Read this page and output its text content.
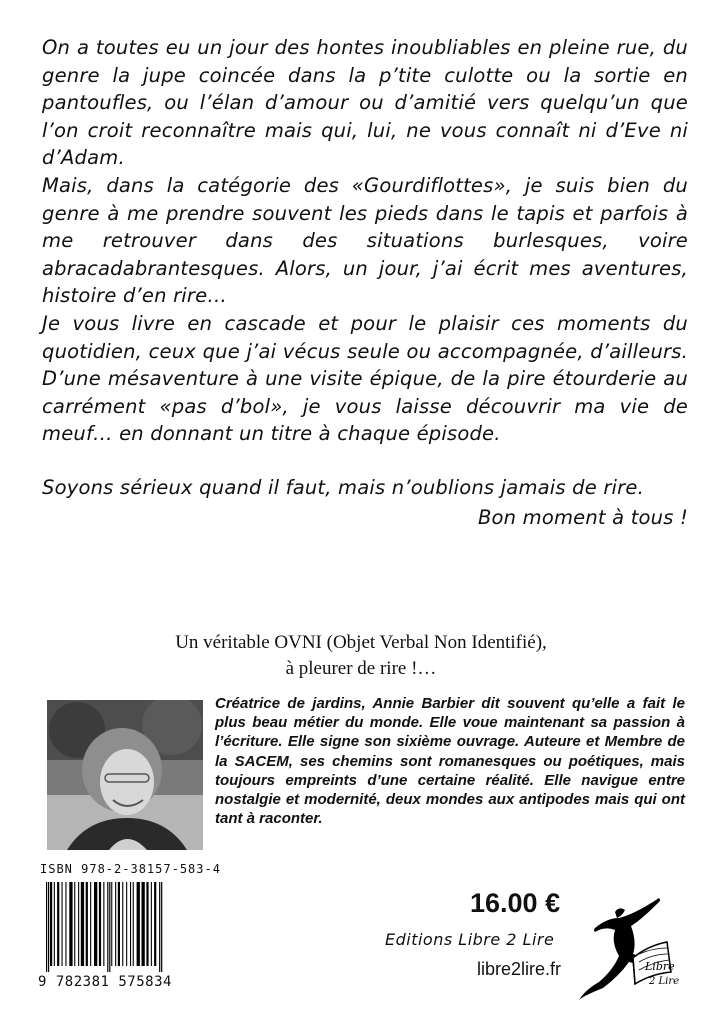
On a toutes eu un jour des hontes inoubliables en pleine rue, du genre la jupe coincée dans la p’tite culotte ou la sortie en pantoufles, ou l’élan d’amour ou d’amitié vers quelqu’un que l’on croit reconnaître mais qui, lui, ne vous connaît ni d’Eve ni d’Adam.

Mais, dans la catégorie des «Gourdiflottes», je suis bien du genre à me prendre souvent les pieds dans le tapis et parfois à me retrouver dans des situations burlesques, voire abracadabrantesques. Alors, un jour, j’ai écrit mes aventures, histoire d’en rire…

Je vous livre en cascade et pour le plaisir ces moments du quotidien, ceux que j’ai vécus seule ou accompagnée, d’ailleurs. D’une mésaventure à une visite épique, de la pire étourderie au carrément «pas d’bol», je vous laisse découvrir ma vie de meuf… en donnant un titre à chaque épisode.

Soyons sérieux quand il faut, mais n’oublions jamais de rire.

Bon moment à tous !

Un véritable OVNI (Objet Verbal Non Identifié),
à pleurer de rire !…
Créatrice de jardins, Annie Barbier dit souvent qu’elle a fait le plus beau métier du monde. Elle voue maintenant sa passion à l’écriture. Elle signe son sixième ouvrage. Auteure et Membre de la SACEM, ses chemins sont romanesques ou poétiques, mais toujours empreints d’une certaine réalité. Elle navigue entre nostalgie et modernité, deux mondes aux antipodes mais qui ont tant à raconter.
ISBN 978-2-38157-583-4
9 782381 575834
16.00 €
Editions Libre 2 Lire
libre2lire.fr	Libre
2 Lire
